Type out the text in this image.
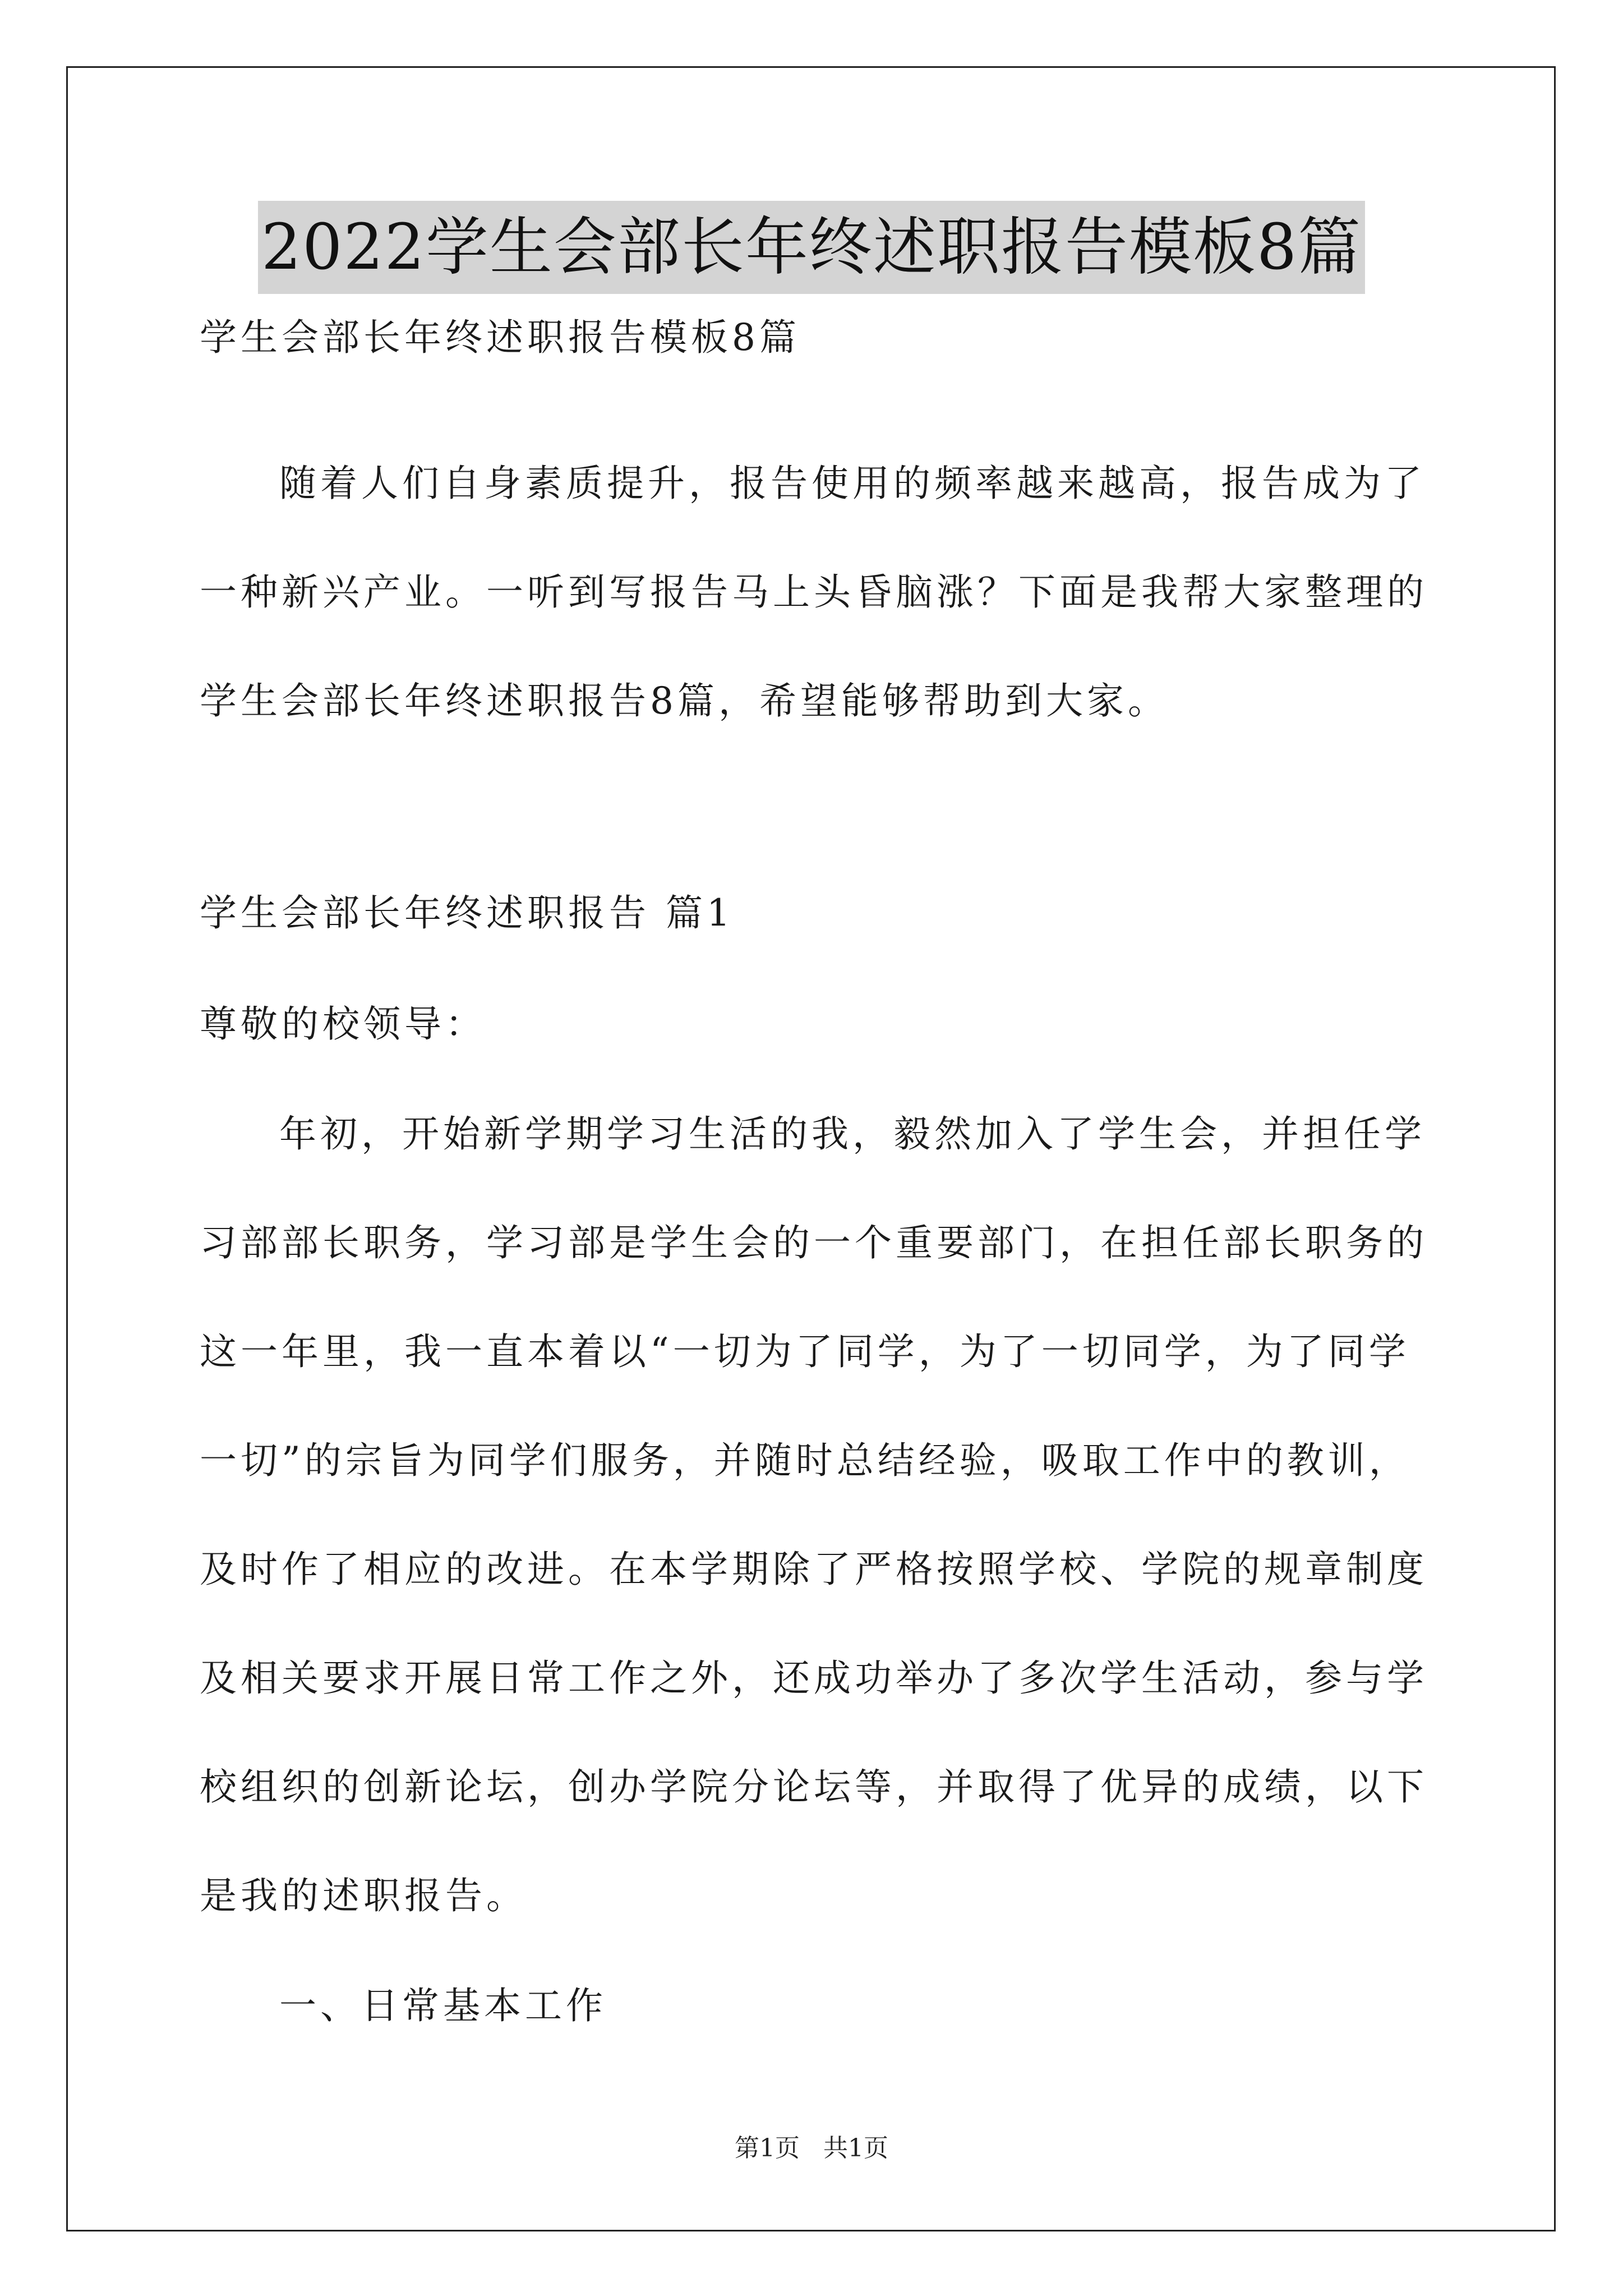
2022学生会部长年终述职报告模板8篇
学生会部长年终述职报告模板8篇
随着人们自身素质提升，报告使用的频率越来越高，报告成为了
一种新兴产业。一听到写报告马上头昏脑涨？下面是我帮大家整理的
学生会部长年终述职报告8篇，希望能够帮助到大家。
学生会部长年终述职报告 篇1
尊敬的校领导：
年初，开始新学期学习生活的我，毅然加入了学生会，并担任学
习部部长职务，学习部是学生会的一个重要部门，在担任部长职务的
这一年里，我一直本着以“一切为了同学，为了一切同学，为了同学
一切”的宗旨为同学们服务，并随时总结经验，吸取工作中的教训，
及时作了相应的改进。在本学期除了严格按照学校、学院的规章制度
及相关要求开展日常工作之外，还成功举办了多次学生活动，参与学
校组织的创新论坛，创办学院分论坛等，并取得了优异的成绩，以下
是我的述职报告。
一、日常基本工作
第1页 共1页
